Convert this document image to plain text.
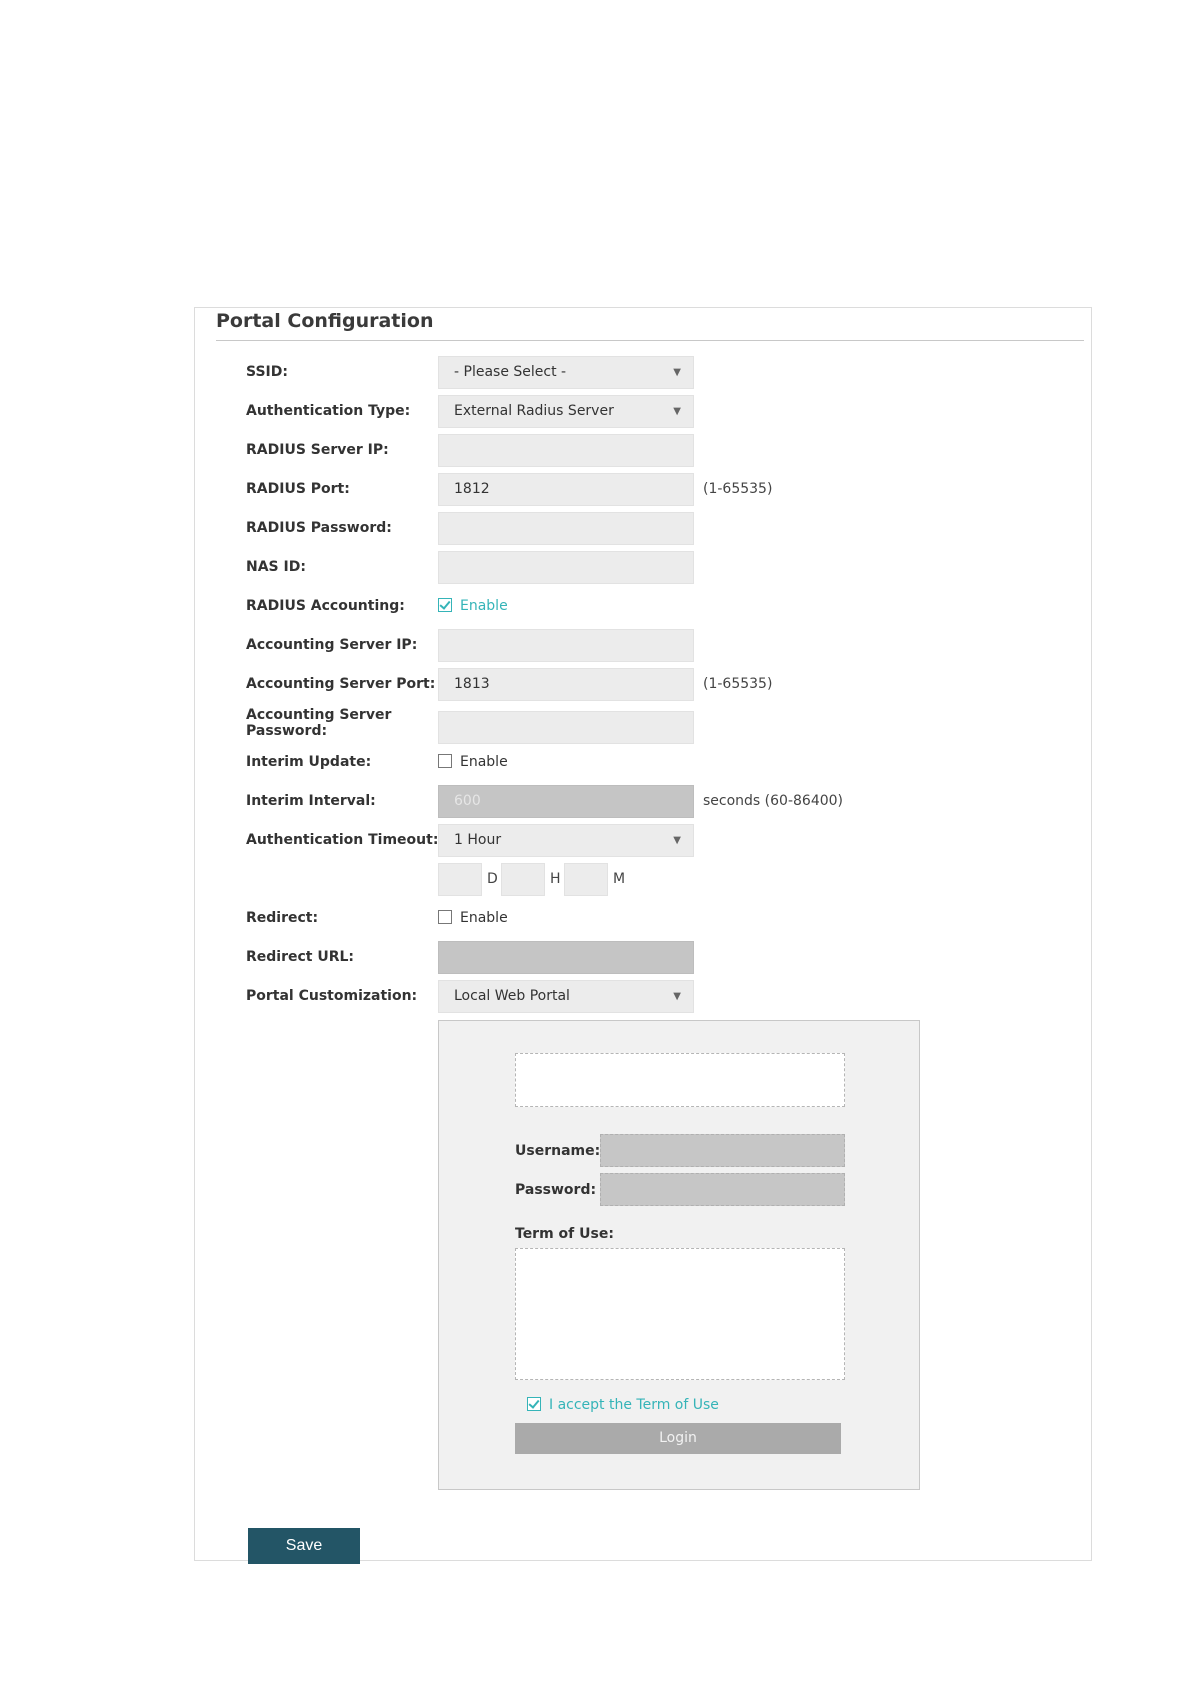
Portal Configuration
SSID:	- Please Select -	▼
Authentication Type:	External Radius Server	▼
RADIUS Server IP:
RADIUS Port:	1812	(1-65535)
RADIUS Password:
NAS ID:
RADIUS Accounting:	Enable
Accounting Server IP:
Accounting Server Port:	1813	(1-65535)
Accounting Server
Password:
Interim Update:	Enable
Interim Interval:	600	seconds (60-86400)
Authentication Timeout:	1 Hour	▼
D	H	M
Redirect:	Enable
Redirect URL:
Portal Customization:	Local Web Portal	▼
Username:
Password:
Term of Use:
I accept the Term of Use
Login
Save
